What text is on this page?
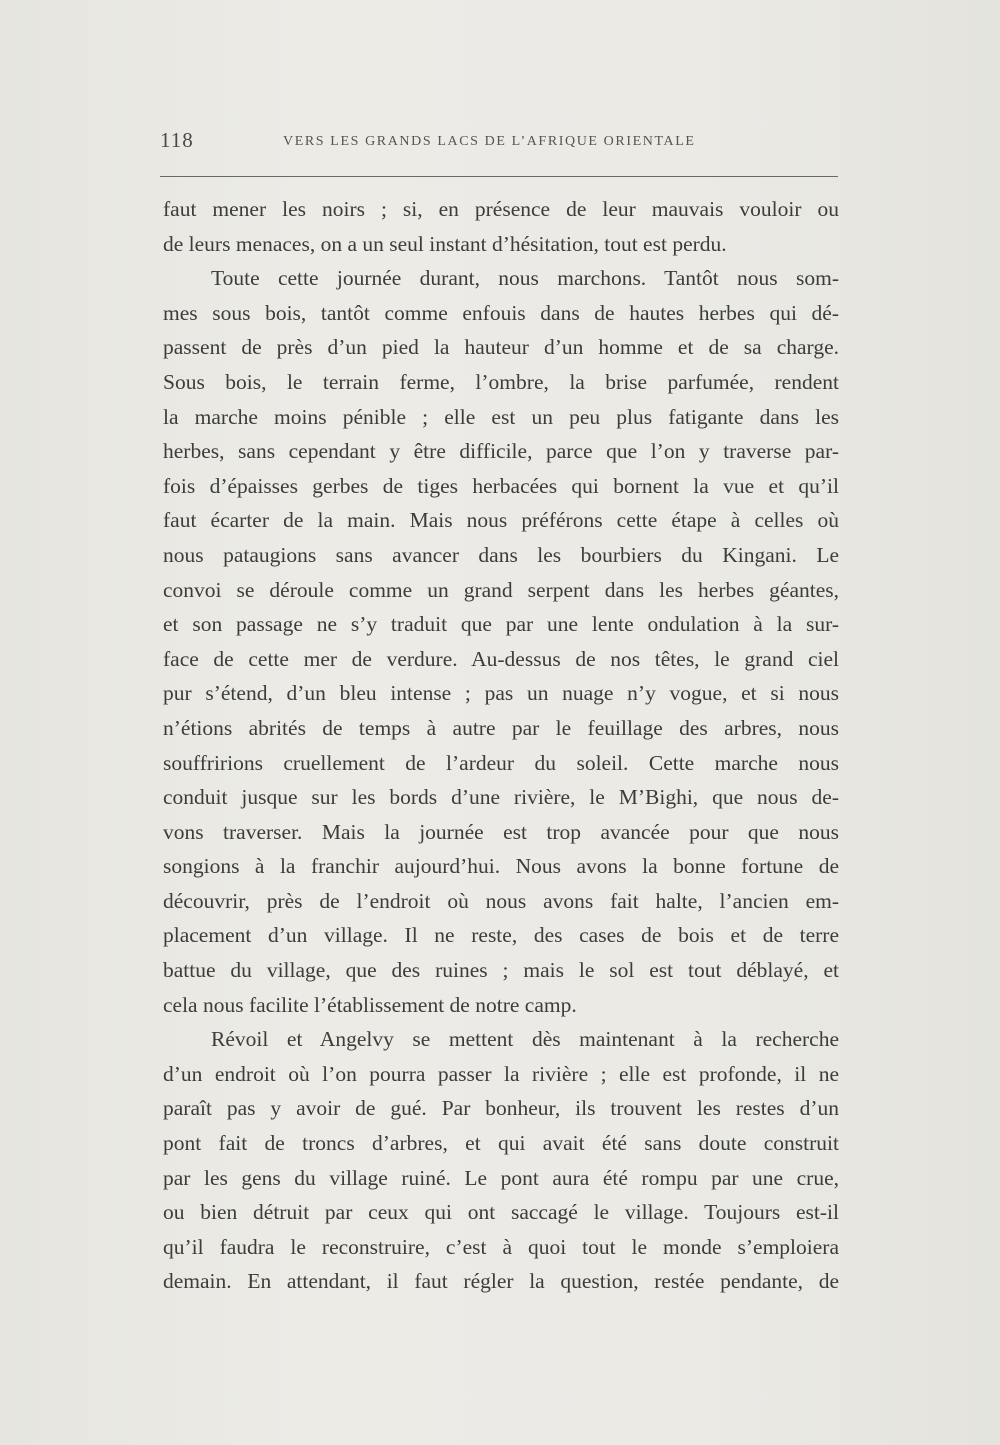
118	VERS LES GRANDS LACS DE L’AFRIQUE ORIENTALE
faut mener les noirs ; si, en présence de leur mauvais vouloir ou
de leurs menaces, on a un seul instant d’hésitation, tout est perdu.
Toute cette journée durant, nous marchons. Tantôt nous som-
mes sous bois, tantôt comme enfouis dans de hautes herbes qui dé-
passent de près d’un pied la hauteur d’un homme et de sa charge.
Sous bois, le terrain ferme, l’ombre, la brise parfumée, rendent
la marche moins pénible ; elle est un peu plus fatigante dans les
herbes, sans cependant y être difficile, parce que l’on y traverse par-
fois d’épaisses gerbes de tiges herbacées qui bornent la vue et qu’il
faut écarter de la main. Mais nous préférons cette étape à celles où
nous pataugions sans avancer dans les bourbiers du Kingani. Le
convoi se déroule comme un grand serpent dans les herbes géantes,
et son passage ne s’y traduit que par une lente ondulation à la sur-
face de cette mer de verdure. Au-dessus de nos têtes, le grand ciel
pur s’étend, d’un bleu intense ; pas un nuage n’y vogue, et si nous
n’étions abrités de temps à autre par le feuillage des arbres, nous
souffririons cruellement de l’ardeur du soleil. Cette marche nous
conduit jusque sur les bords d’une rivière, le M’Bighi, que nous de-
vons traverser. Mais la journée est trop avancée pour que nous
songions à la franchir aujourd’hui. Nous avons la bonne fortune de
découvrir, près de l’endroit où nous avons fait halte, l’ancien em-
placement d’un village. Il ne reste, des cases de bois et de terre
battue du village, que des ruines ; mais le sol est tout déblayé, et
cela nous facilite l’établissement de notre camp.
Révoil et Angelvy se mettent dès maintenant à la recherche
d’un endroit où l’on pourra passer la rivière ; elle est profonde, il ne
paraît pas y avoir de gué. Par bonheur, ils trouvent les restes d’un
pont fait de troncs d’arbres, et qui avait été sans doute construit
par les gens du village ruiné. Le pont aura été rompu par une crue,
ou bien détruit par ceux qui ont saccagé le village. Toujours est-il
qu’il faudra le reconstruire, c’est à quoi tout le monde s’emploiera
demain. En attendant, il faut régler la question, restée pendante, de
